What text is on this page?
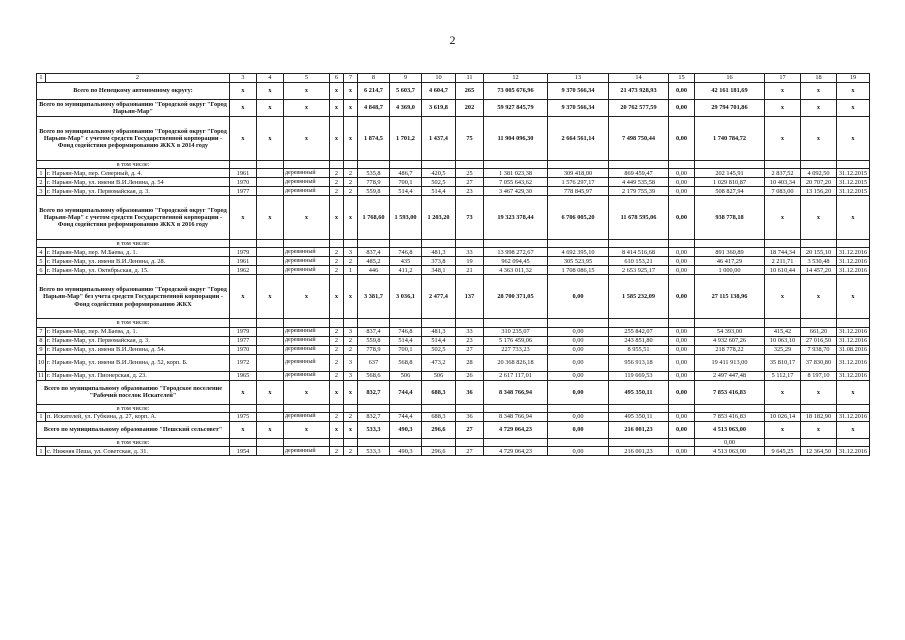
2
1	2	3	4	5	6	7	8	9	10	11	12	13	14	15	16	17	18	19
Всего по Ненецкому автономному округу:		х	х	х	х	х	6 214,7	5 603,7	4 604,7	265	73 005 676,96	9 370 566,34	21 473 928,93	0,00	42 161 181,69	х	х	х
Всего по муниципальному образованию "Городской округ "Город Нарьян-Мар"		х	х	х	х	х	4 848,7	4 369,0	3 619,8	202	59 927 845,79	9 370 566,34	20 762 577,59	0,00	29 794 701,86	х	х	х
Всего по муниципальному образованию "Городской округ "Город Нарьян-Мар" с учетом средств Государственной корпорации - Фонд содействия реформированию ЖКХ в 2014 году		х	х	х	х	х	1 874,5	1 701,2	1 437,4	75	11 904 096,30	2 664 561,14	7 498 750,44	0,00	1 740 784,72	х	х	х
в том числе:																		
1	г. Нарьян-Мар, пер. Северный, д. 4.	1961		деревянный	2	2	535,8	486,7	420,5	25	1 381 023,38	309 418,00	869 459,47	0,00	202 145,91	2 837,52	4 092,50	31.12.2015
2	г. Нарьян-Мар, ул. имени В.И.Ленина, д. 54	1970		деревянный	2	2	778,9	700,1	502,5	27	7 055 643,62	1 576 297,17	4 449 535,58	0,00	1 029 810,87	10 403,34	20 707,20	31.12.2015
3	г. Нарьян-Мар, ул. Первомайская, д. 3.	1977		деревянный	2	2	559,8	514,4	514,4	23	3 467 429,30	778 845,97	2 179 755,39	0,00	508 827,94	7 083,00	13 156,20	31.12.2015
Всего по муниципальному образованию "Городской округ "Город Нарьян-Мар" с учетом средств Государственной корпорации - Фонд содействия реформированию ЖКХ в 2016 году		х	х	х	х	х	1 768,60	1 593,00	1 203,20	73	19 323 378,44	6 706 005,20	11 678 595,06	0,00	938 778,18	х	х	х
в том числе:																		
4	г. Нарьян-Мар, пер. М.Баева, д. 1.	1979		деревянный	2	3	837,4	746,8	481,3	33	13 998 272,67	4 692 395,10	8 414 516,68	0,00	891 360,89	18 744,34	20 155,10	31.12.2016
5	г. Нарьян-Мар, ул. имени В.И.Ленина, д. 28.	1961		деревянный	2	2	485,2	435	373,8	19	962 094,45	305 523,95	610 153,21	0,00	46 417,29	2 211,71	3 530,48	31.12.2016
6	г. Нарьян-Мар, ул. Октябрьская, д. 15.	1962		деревянный	2	1	446	411,2	348,1	21	4 363 011,32	1 708 086,15	2 653 925,17	0,00	1 000,00	10 610,44	14 457,20	31.12.2016
Всего по муниципальному образованию "Городской округ "Город Нарьян-Мар" без учета средств Государственной корпорации - Фонд содействия реформированию ЖКХ		х	х	х	х	х	3 381,7	3 036,1	2 477,4	137	28 700 371,05	0,00	1 585 232,09	0,00	27 115 138,96	х	х	х
в том числе:																		
7	г. Нарьян-Мар, пер. М.Баева, д. 1.	1979		деревянный	2	3	837,4	746,8	481,3	33	310 235,07	0,00	255 842,07	0,00	54 393,00	415,42	661,20	31.12.2016
8	г. Нарьян-Мар, ул. Первомайская, д. 3.	1977		деревянный	2	2	559,8	514,4	514,4	23	5 176 459,06	0,00	243 851,80	0,00	4 932 607,26	10 063,10	27 016,50	31.12.2016
9	г. Нарьян-Мар, ул. имени В.И.Ленина, д. 54.	1970		деревянный	2	2	778,9	700,1	502,5	27	227 733,23	0,00	8 955,51	0,00	218 778,22	325,29	7 938,70	31.08.2016
10	г. Нарьян-Мар, ул. имени В.И.Ленина, д. 52, корп. Б.	1972		деревянный	2	3	637	568,8	473,2	28	20 368 826,18	0,00	956 913,18	0,00	19 411 913,00	35 810,17	37 830,80	31.12.2016
11	г. Нарьян-Мар, ул. Пионерская, д. 23.	1965		деревянный	2	3	568,6	506	506	26	2 617 117,01	0,00	119 669,53	0,00	2 497 447,48	5 112,17	8 197,10	31.12.2016
Всего по муниципальному образованию "Городское поселение "Рабочий поселок Искателей"		х	х	х	х	х	832,7	744,4	688,3	36	8 348 766,94	0,00	495 350,11	0,00	7 853 416,83	х	х	х
в том числе:																		
1	п. Искателей, ул. Губкина, д. 27, корп. А.	1975		деревянный	2	2	832,7	744,4	688,3	36	8 348 766,94	0,00	495 350,11	0,00	7 853 416,83	10 026,14	18 182,90	31.12.2016
Всего по муниципальному образованию "Пешский сельсовет"		х	х	х	х	х	533,3	490,3	296,6	27	4 729 064,23	0,00	216 001,23	0,00	4 513 063,00	х	х	х
в том числе:															0,00			
1	с. Нижняя Пеша, ул. Советская, д. 31.	1954		деревянный	2	2	533,3	490,3	296,6	27	4 729 064,23	0,00	216 001,23	0,00	4 513 063,00	9 645,25	12 364,50	31.12.2016
